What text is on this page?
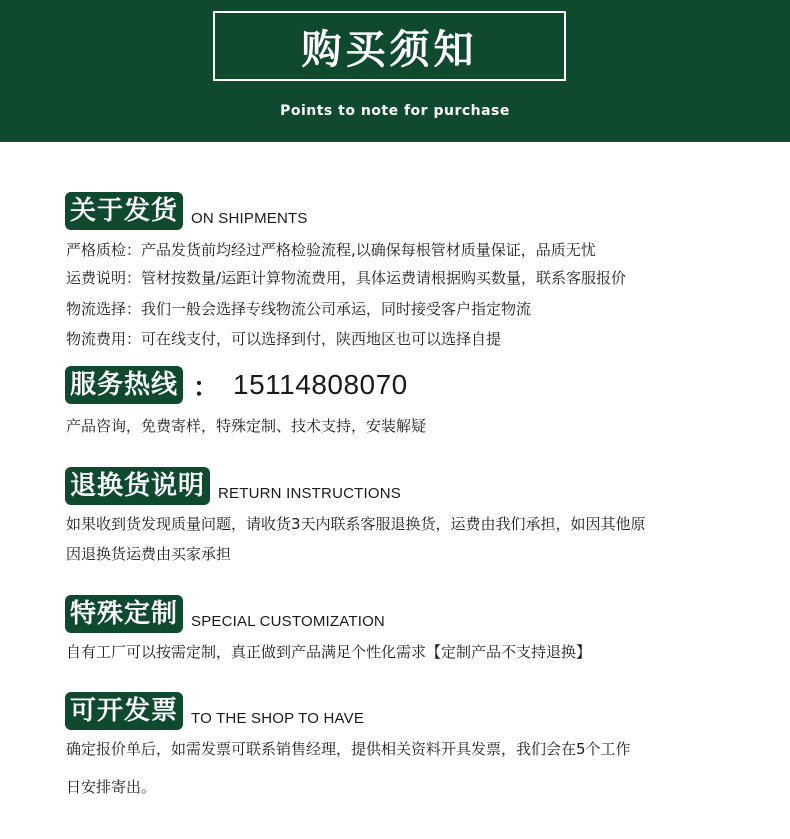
购买须知
Points to note for purchase
关于发货 ON SHIPMENTS
严格质检：产品发货前均经过严格检验流程,以确保每根管材质量保证，品质无忧
运费说明：管材按数量/运距计算物流费用，具体运费请根据购买数量，联系客服报价
物流选择：我们一般会选择专线物流公司承运，同时接受客户指定物流
物流费用：可在线支付，可以选择到付，陕西地区也可以选择自提
服务热线 ： 15114808070
产品咨询，免费寄样，特殊定制、技术支持，安装解疑
退换货说明 RETURN INSTRUCTIONS
如果收到货发现质量问题，请收货3天内联系客服退换货，运费由我们承担，如因其他原
因退换货运费由买家承担
特殊定制 SPECIAL CUSTOMIZATION
自有工厂可以按需定制，真正做到产品满足个性化需求【定制产品不支持退换】
可开发票 TO THE SHOP TO HAVE
确定报价单后，如需发票可联系销售经理，提供相关资料开具发票，我们会在5个工作
日安排寄出。
